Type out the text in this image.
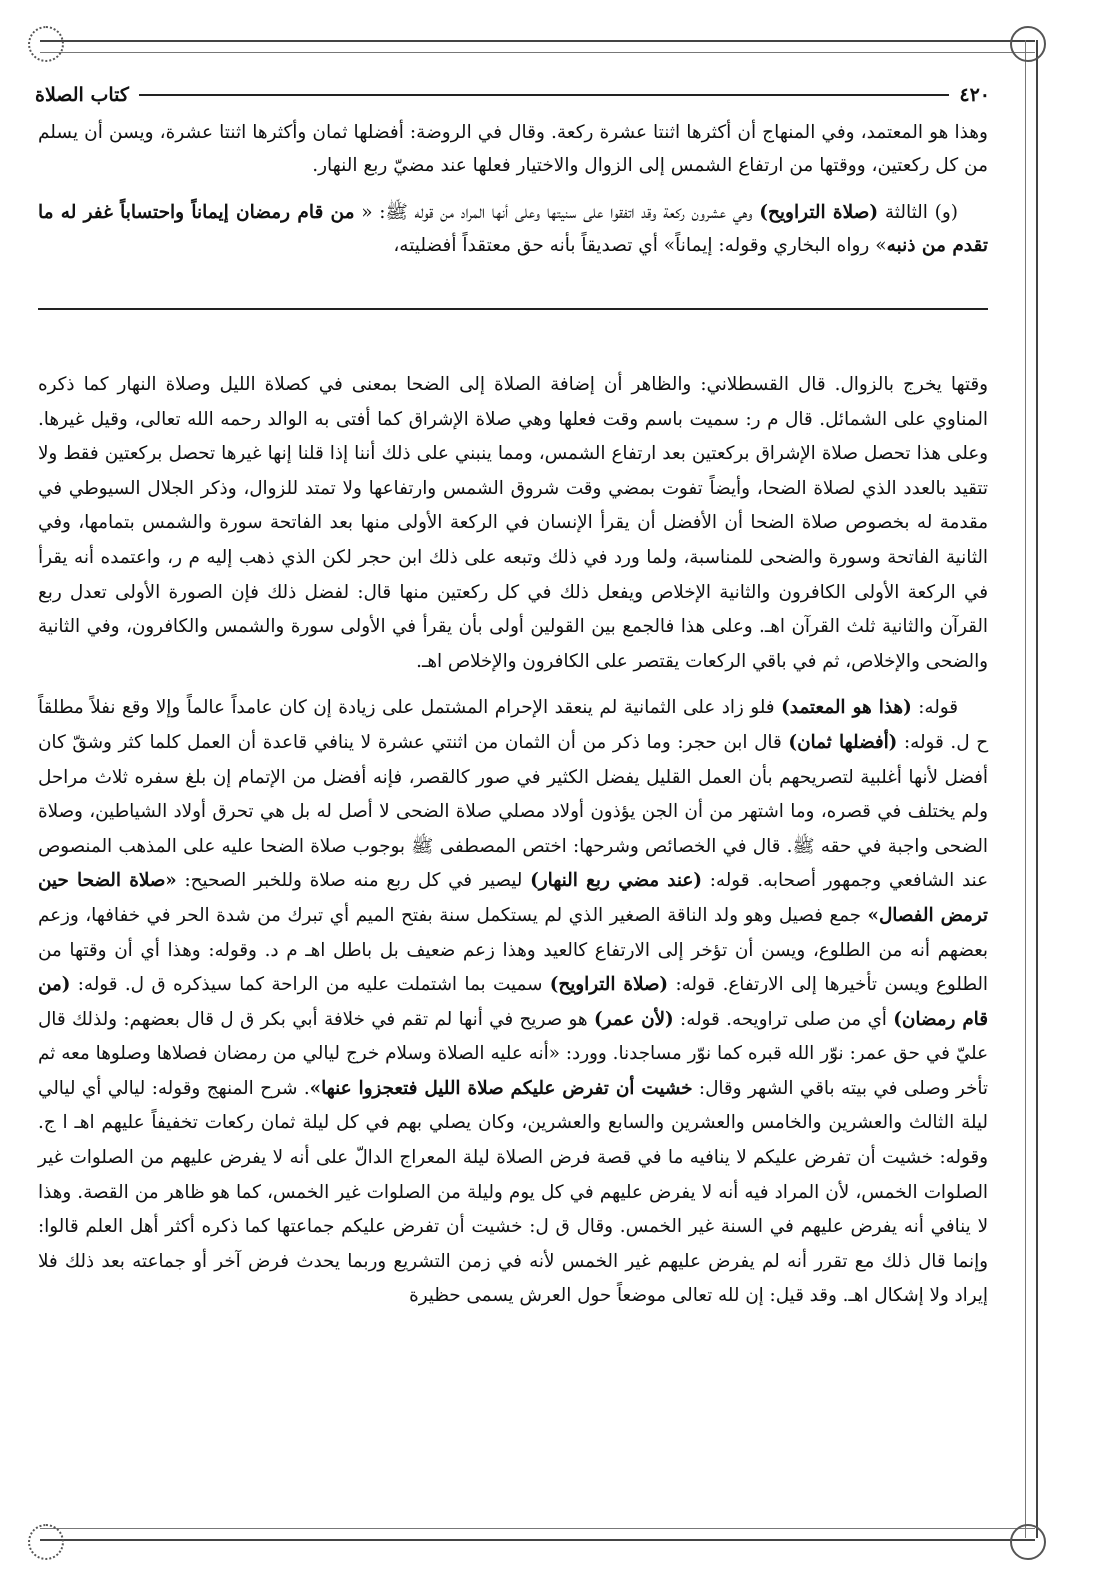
٤٢٠
كتاب الصلاة

وهذا هو المعتمد، وفي المنهاج أن أكثرها اثنتا عشرة ركعة. وقال في الروضة: أفضلها ثمان وأكثرها اثنتا عشرة، ويسن أن يسلم من كل ركعتين، ووقتها من ارتفاع الشمس إلى الزوال والاختيار فعلها عند مضيّ ربع النهار.

(و) الثالثة (صلاة التراويح) وهي عشرون ركعة وقد اتفقوا على سنيتها وعلى أنها المراد من قوله ﷺ: « من قام رمضان إيماناً واحتساباً غفر له ما تقدم من ذنبه» رواه البخاري وقوله: إيماناً» أي تصديقاً بأنه حق معتقداً أفضليته،

وقتها يخرج بالزوال. قال القسطلاني: والظاهر أن إضافة الصلاة إلى الضحا بمعنى في كصلاة الليل وصلاة النهار كما ذكره المناوي على الشمائل. قال م ر: سميت باسم وقت فعلها وهي صلاة الإشراق كما أفتى به الوالد رحمه الله تعالى، وقيل غيرها. وعلى هذا تحصل صلاة الإشراق بركعتين بعد ارتفاع الشمس، ومما ينبني على ذلك أننا إذا قلنا إنها غيرها تحصل بركعتين فقط ولا تتقيد بالعدد الذي لصلاة الضحا، وأيضاً تفوت بمضي وقت شروق الشمس وارتفاعها ولا تمتد للزوال، وذكر الجلال السيوطي في مقدمة له بخصوص صلاة الضحا أن الأفضل أن يقرأ الإنسان في الركعة الأولى منها بعد الفاتحة سورة والشمس بتمامها، وفي الثانية الفاتحة وسورة والضحى للمناسبة، ولما ورد في ذلك وتبعه على ذلك ابن حجر لكن الذي ذهب إليه م ر، واعتمده أنه يقرأ في الركعة الأولى الكافرون والثانية الإخلاص ويفعل ذلك في كل ركعتين منها قال: لفضل ذلك فإن الصورة الأولى تعدل ربع القرآن والثانية ثلث القرآن اهـ. وعلى هذا فالجمع بين القولين أولى بأن يقرأ في الأولى سورة والشمس والكافرون، وفي الثانية والضحى والإخلاص، ثم في باقي الركعات يقتصر على الكافرون والإخلاص اهـ.

قوله: (هذا هو المعتمد) فلو زاد على الثمانية لم ينعقد الإحرام المشتمل على زيادة إن كان عامداً عالماً وإلا وقع نفلاً مطلقاً ح ل. قوله: (أفضلها ثمان) قال ابن حجر: وما ذكر من أن الثمان من اثنتي عشرة لا ينافي قاعدة أن العمل كلما كثر وشقّ كان أفضل لأنها أغلبية لتصريحهم بأن العمل القليل يفضل الكثير في صور كالقصر، فإنه أفضل من الإتمام إن بلغ سفره ثلاث مراحل ولم يختلف في قصره، وما اشتهر من أن الجن يؤذون أولاد مصلي صلاة الضحى لا أصل له بل هي تحرق أولاد الشياطين، وصلاة الضحى واجبة في حقه ﷺ. قال في الخصائص وشرحها: اختص المصطفى ﷺ بوجوب صلاة الضحا عليه على المذهب المنصوص عند الشافعي وجمهور أصحابه. قوله: (عند مضي ربع النهار) ليصير في كل ربع منه صلاة وللخبر الصحيح: «صلاة الضحا حين ترمض الفصال» جمع فصيل وهو ولد الناقة الصغير الذي لم يستكمل سنة بفتح الميم أي تبرك من شدة الحر في خفافها، وزعم بعضهم أنه من الطلوع، ويسن أن تؤخر إلى الارتفاع كالعيد وهذا زعم ضعيف بل باطل اهـ م د. وقوله: وهذا أي أن وقتها من الطلوع ويسن تأخيرها إلى الارتفاع. قوله: (صلاة التراويح) سميت بما اشتملت عليه من الراحة كما سيذكره ق ل. قوله: (من قام رمضان) أي من صلى تراويحه. قوله: (لأن عمر) هو صريح في أنها لم تقم في خلافة أبي بكر ق ل قال بعضهم: ولذلك قال عليّ في حق عمر: نوّر الله قبره كما نوّر مساجدنا. وورد: «أنه عليه الصلاة وسلام خرج ليالي من رمضان فصلاها وصلوها معه ثم تأخر وصلى في بيته باقي الشهر وقال: خشيت أن تفرض عليكم صلاة الليل فتعجزوا عنها». شرح المنهج وقوله: ليالي أي ليالي ليلة الثالث والعشرين والخامس والعشرين والسابع والعشرين، وكان يصلي بهم في كل ليلة ثمان ركعات تخفيفاً عليهم اهـ ا ج. وقوله: خشيت أن تفرض عليكم لا ينافيه ما في قصة فرض الصلاة ليلة المعراج الدالّ على أنه لا يفرض عليهم من الصلوات غير الصلوات الخمس، لأن المراد فيه أنه لا يفرض عليهم في كل يوم وليلة من الصلوات غير الخمس، كما هو ظاهر من القصة. وهذا لا ينافي أنه يفرض عليهم في السنة غير الخمس. وقال ق ل: خشيت أن تفرض عليكم جماعتها كما ذكره أكثر أهل العلم قالوا: وإنما قال ذلك مع تقرر أنه لم يفرض عليهم غير الخمس لأنه في زمن التشريع وربما يحدث فرض آخر أو جماعته بعد ذلك فلا إيراد ولا إشكال اهـ. وقد قيل: إن لله تعالى موضعاً حول العرش يسمى حظيرة
